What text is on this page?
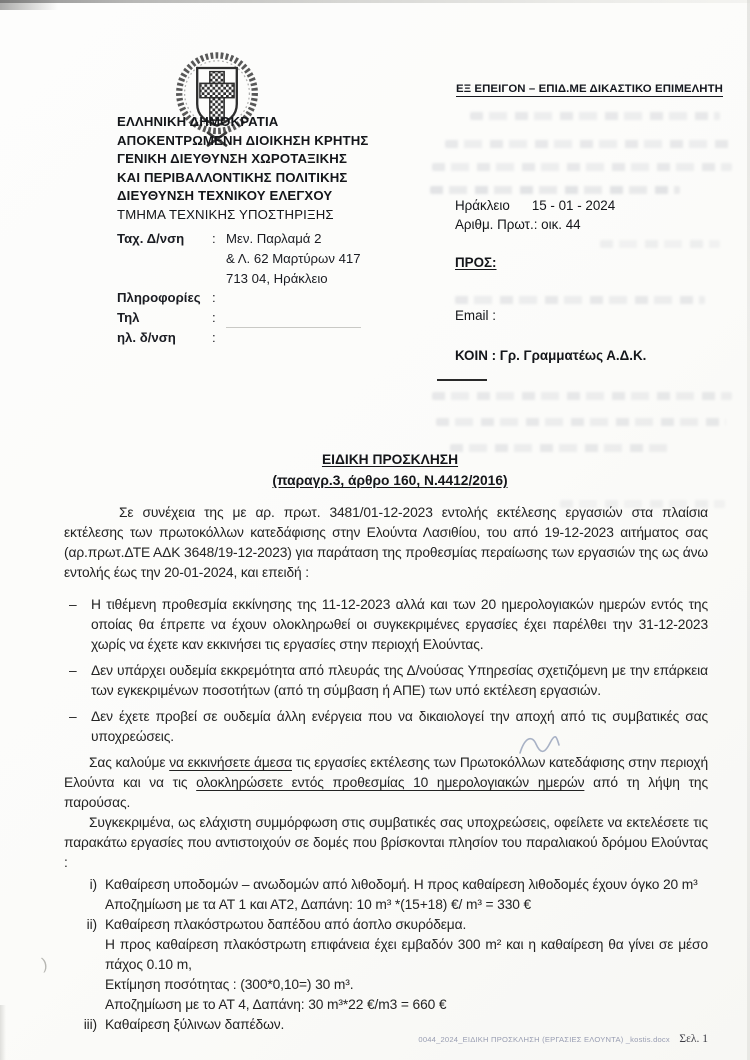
)
ΕΞ ΕΠΕΙΓΟΝ – ΕΠΙΔ.ΜΕ ΔΙΚΑΣΤΙΚΟ ΕΠΙΜΕΛΗΤΗ
ΕΛΛΗΝΙΚΗ ΔΗΜΟΚΡΑΤΙΑ
ΑΠΟΚΕΝΤΡΩΜΕΝΗ ΔΙΟΙΚΗΣΗ ΚΡΗΤΗΣ
ΓΕΝΙΚΗ ΔΙΕΥΘΥΝΣΗ ΧΩΡΟΤΑΞΙΚΗΣ
ΚΑΙ ΠΕΡΙΒΑΛΛΟΝΤΙΚΗΣ ΠΟΛΙΤΙΚΗΣ
ΔΙΕΥΘΥΝΣΗ ΤΕΧΝΙΚΟΥ ΕΛΕΓΧΟΥ
ΤΜΗΜΑ ΤΕΧΝΙΚΗΣ ΥΠΟΣΤΗΡΙΞΗΣ
Ταχ. Δ/νση	: Μεν. Παρλαμά 2
& Λ. 62 Μαρτύρων 417
713 04, Ηράκλειο
Πληροφορίες :
Τηλ	:
ηλ. δ/νση	:
Ηράκλειο 15 - 01 - 2024
Αριθμ. Πρωτ.: οικ. 44
ΠΡΟΣ:
Email :
ΚΟΙΝ : Γρ. Γραμματέως Α.Δ.Κ.
ΕΙΔΙΚΗ ΠΡΟΣΚΛΗΣΗ
(παραγρ.3, άρθρο 160, Ν.4412/2016)

Σε συνέχεια της με αρ. πρωτ. 3481/01-12-2023 εντολής εκτέλεσης εργασιών στα πλαίσια εκτέλεσης των πρωτοκόλλων κατεδάφισης στην Ελούντα Λασιθίου, του από 19-12-2023 αιτήματος σας (αρ.πρωτ.ΔΤΕ ΑΔΚ 3648/19-12-2023) για παράταση της προθεσμίας περαίωσης των εργασιών της ως άνω εντολής έως την 20-01-2024, και επειδή :

– Η τιθέμενη προθεσμία εκκίνησης της 11-12-2023 αλλά και των 20 ημερολογιακών ημερών εντός της οποίας θα έπρεπε να έχουν ολοκληρωθεί οι συγκεκριμένες εργασίες έχει παρέλθει την 31-12-2023 χωρίς να έχετε καν εκκινήσει τις εργασίες στην περιοχή Ελούντας.
– Δεν υπάρχει ουδεμία εκκρεμότητα από πλευράς της Δ/νούσας Υπηρεσίας σχετιζόμενη με την επάρκεια των εγκεκριμένων ποσοτήτων (από τη σύμβαση ή ΑΠΕ) των υπό εκτέλεση εργασιών.
– Δεν έχετε προβεί σε ουδεμία άλλη ενέργεια που να δικαιολογεί την αποχή από τις συμβατικές σας υποχρεώσεις.

Σας καλούμε να εκκινήσετε άμεσα τις εργασίες εκτέλεσης των Πρωτοκόλλων κατεδάφισης στην περιοχή Ελούντα και να τις ολοκληρώσετε εντός προθεσμίας 10 ημερολογιακών ημερών από τη λήψη της παρούσας.

Συγκεκριμένα, ως ελάχιστη συμμόρφωση στις συμβατικές σας υποχρεώσεις, οφείλετε να εκτελέσετε τις παρακάτω εργασίες που αντιστοιχούν σε δομές που βρίσκονται πλησίον του παραλιακού δρόμου Ελούντας :

i) Καθαίρεση υποδομών – ανωδομών από λιθοδομή. Η προς καθαίρεση λιθοδομές έχουν όγκο 20 m³
Αποζημίωση με τα ΑΤ 1 και ΑΤ2, Δαπάνη: 10 m³ *(15+18) €/ m³ = 330 €
ii) Καθαίρεση πλακόστρωτου δαπέδου από άοπλο σκυρόδεμα.
Η προς καθαίρεση πλακόστρωτη επιφάνεια έχει εμβαδόν 300 m² και η καθαίρεση θα γίνει σε μέσο πάχος 0.10 m,
Εκτίμηση ποσότητας : (300*0,10=) 30 m³.
Αποζημίωση με το ΑΤ 4, Δαπάνη: 30 m³*22 €/m3 = 660 €
iii) Καθαίρεση ξύλινων δαπέδων.
0044_2024_ΕΙΔΙΚΗ ΠΡΟΣΚΛΗΣΗ (ΕΡΓΑΣΙΕΣ ΕΛΟΥΝΤΑ) _kostis.docx Σελ. 1
